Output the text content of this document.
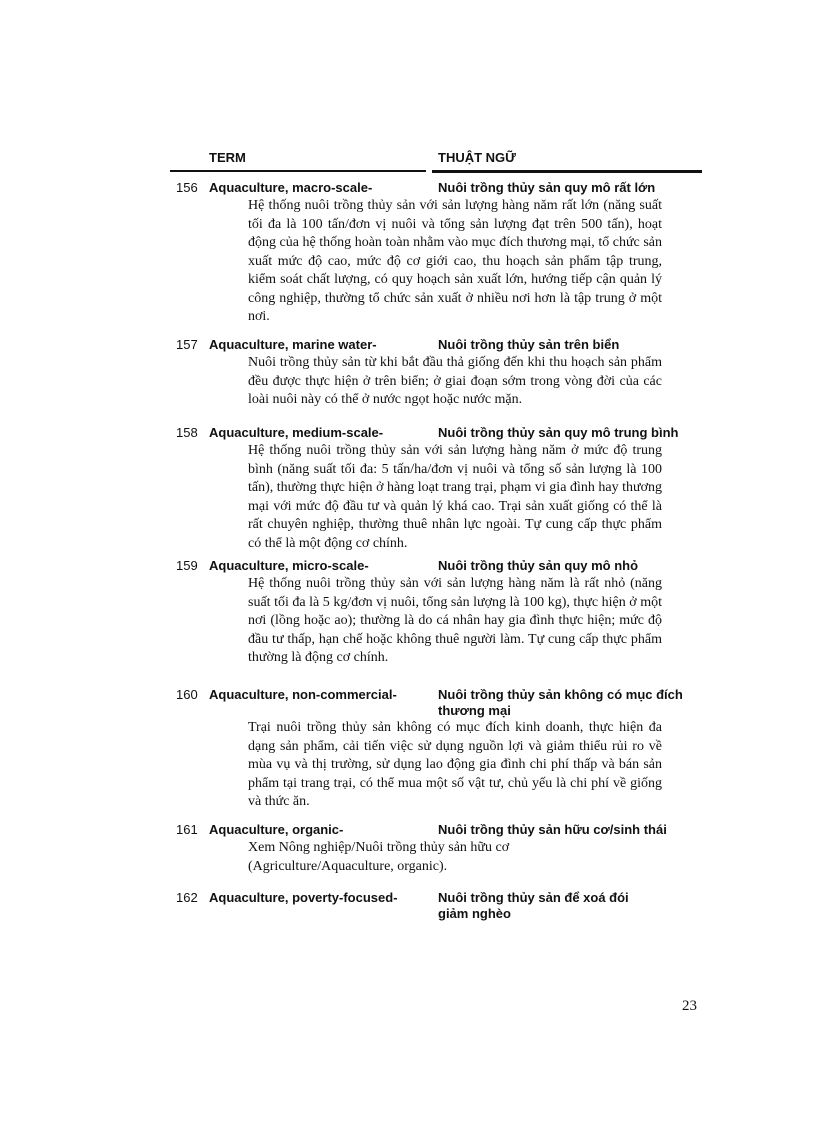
TERM	THUẬT NGỮ
156 Aquaculture, macro-scale-	Nuôi trồng thủy sản quy mô rất lớn
Hệ thống nuôi trồng thủy sản với sản lượng hàng năm rất lớn (năng suất tối đa là 100 tấn/đơn vị nuôi và tổng sản lượng đạt trên 500 tấn), hoạt động của hệ thống hoàn toàn nhằm vào mục đích thương mại, tổ chức sản xuất mức độ cao, mức độ cơ giới cao, thu hoạch sản phẩm tập trung, kiểm soát chất lượng, có quy hoạch sản xuất lớn, hướng tiếp cận quản lý công nghiệp, thường tổ chức sản xuất ở nhiều nơi hơn là tập trung ở một nơi.
157 Aquaculture, marine water-	Nuôi trồng thủy sản trên biển
Nuôi trồng thủy sản từ khi bắt đầu thả giống đến khi thu hoạch sản phẩm đều được thực hiện ở trên biển; ở giai đoạn sớm trong vòng đời của các loài nuôi này có thể ở nước ngọt hoặc nước mặn.
158 Aquaculture, medium-scale-	Nuôi trồng thủy sản quy mô trung bình
Hệ thống nuôi trồng thủy sản với sản lượng hàng năm ở mức độ trung bình (năng suất tối đa: 5 tấn/ha/đơn vị nuôi và tổng số sản lượng là 100 tấn), thường thực hiện ở hàng loạt trang trại, phạm vi gia đình hay thương mại với mức độ đầu tư và quản lý khá cao. Trại sản xuất giống có thể là rất chuyên nghiệp, thường thuê nhân lực ngoài. Tự cung cấp thực phẩm có thể là một động cơ chính.
159 Aquaculture, micro-scale-	Nuôi trồng thủy sản quy mô nhỏ
Hệ thống nuôi trồng thủy sản với sản lượng hàng năm là rất nhỏ (năng suất tối đa là 5 kg/đơn vị nuôi, tổng sản lượng là 100 kg), thực hiện ở một nơi (lồng hoặc ao); thường là do cá nhân hay gia đình thực hiện; mức độ đầu tư thấp, hạn chế hoặc không thuê người làm. Tự cung cấp thực phẩm thường là động cơ chính.
160 Aquaculture, non-commercial-	Nuôi trồng thủy sản không có mục đích thương mại
Trại nuôi trồng thủy sản không có mục đích kinh doanh, thực hiện đa dạng sản phẩm, cải tiến việc sử dụng nguồn lợi và giảm thiểu rủi ro về mùa vụ và thị trường, sử dụng lao động gia đình chi phí thấp và bán sản phẩm tại trang trại, có thể mua một số vật tư, chủ yếu là chi phí về giống và thức ăn.
161 Aquaculture, organic-	Nuôi trồng thủy sản hữu cơ/sinh thái
Xem Nông nghiệp/Nuôi trồng thủy sản hữu cơ (Agriculture/Aquaculture, organic).
162 Aquaculture, poverty-focused-	Nuôi trồng thủy sản để xoá đói giảm nghèo
23
